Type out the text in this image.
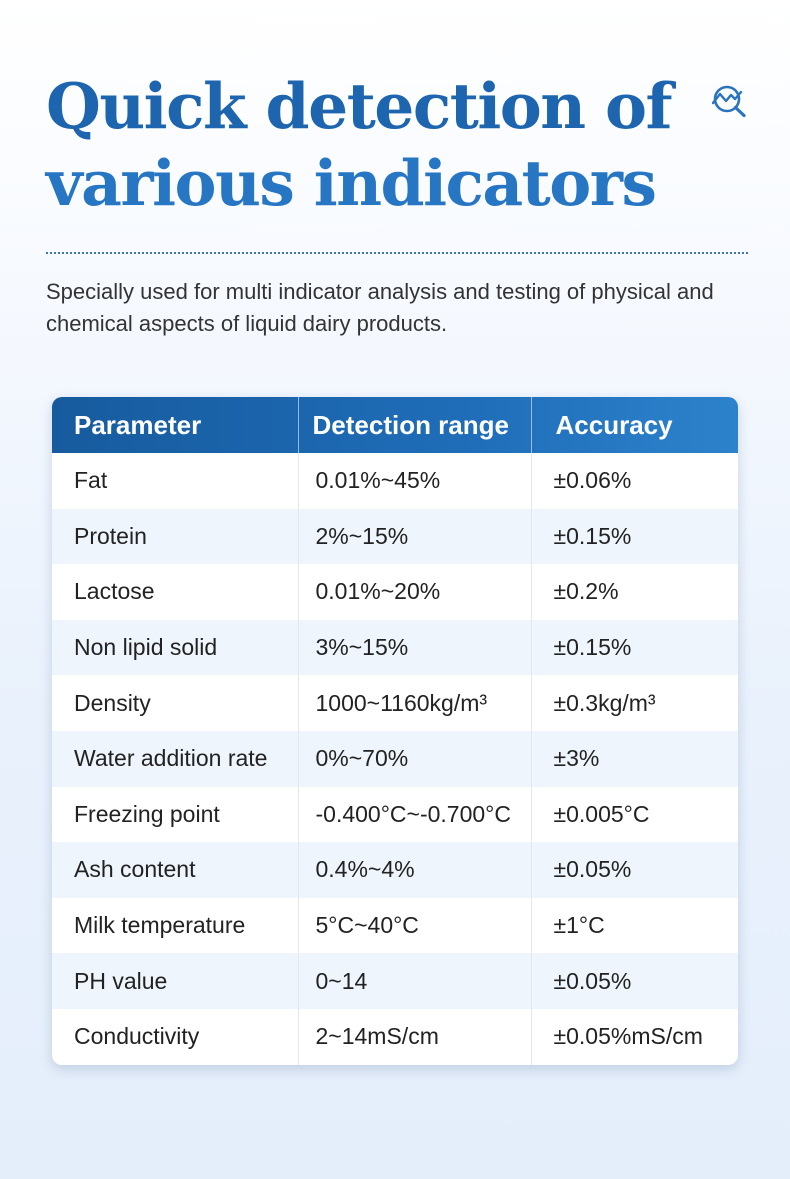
Quick detection of
various indicators

Specially used for multi indicator analysis and testing of physical and chemical aspects of liquid dairy products.

Parameter	Detection range	Accuracy
Fat	0.01%~45%	±0.06%
Protein	2%~15%	±0.15%
Lactose	0.01%~20%	±0.2%
Non lipid solid	3%~15%	±0.15%
Density	1000~1160kg/m³	±0.3kg/m³
Water addition rate	0%~70%	±3%
Freezing point	-0.400°C~-0.700°C	±0.005°C
Ash content	0.4%~4%	±0.05%
Milk temperature	5°C~40°C	±1°C
PH value	0~14	±0.05%
Conductivity	2~14mS/cm	±0.05%mS/cm
